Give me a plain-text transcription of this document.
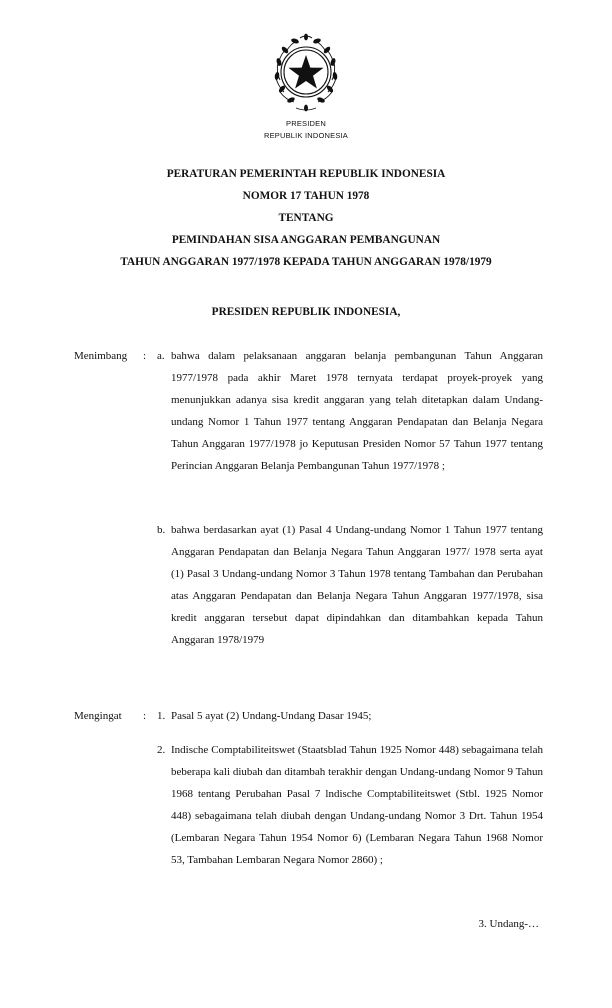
PRESIDEN
REPUBLIK INDONESIA
PERATURAN PEMERINTAH REPUBLIK INDONESIA
NOMOR 17 TAHUN 1978
TENTANG
PEMINDAHAN SISA ANGGARAN PEMBANGUNAN
TAHUN ANGGARAN 1977/1978 KEPADA TAHUN ANGGARAN 1978/1979
PRESIDEN REPUBLIK INDONESIA,
Menimbang : a. bahwa dalam pelaksanaan anggaran belanja pembangunan Tahun Anggaran 1977/1978 pada akhir Maret 1978 ternyata terdapat proyek-proyek yang menunjukkan adanya sisa kredit anggaran yang telah ditetapkan dalam Undang-undang Nomor 1 Tahun 1977 tentang Anggaran Pendapatan dan Belanja Negara Tahun Anggaran 1977/1978 jo Keputusan Presiden Nomor 57 Tahun 1977 tentang Perincian Anggaran Belanja Pembangunan Tahun 1977/1978 ;
b. bahwa berdasarkan ayat (1) Pasal 4 Undang-undang Nomor 1 Tahun 1977 tentang Anggaran Pendapatan dan Belanja Negara Tahun Anggaran 1977/ 1978 serta ayat (1) Pasal 3 Undang-undang Nomor 3 Tahun 1978 tentang Tambahan dan Perubahan atas Anggaran Pendapatan dan Belanja Negara Tahun Anggaran 1977/1978, sisa kredit anggaran tersebut dapat dipindahkan dan ditambahkan kepada Tahun Anggaran 1978/1979
Mengingat : 1. Pasal 5 ayat (2) Undang-Undang Dasar 1945;
2. Indische Comptabiliteitswet (Staatsblad Tahun 1925 Nomor 448) sebagaimana telah beberapa kali diubah dan ditambah terakhir dengan Undang-undang Nomor 9 Tahun 1968 tentang Perubahan Pasal 7 lndische Comptabiliteitswet (Stbl. 1925 Nomor 448) sebagaimana telah diubah dengan Undang-undang Nomor 3 Drt. Tahun 1954 (Lembaran Negara Tahun 1954 Nomor 6) (Lembaran Negara Tahun 1968 Nomor 53, Tambahan Lembaran Negara Nomor 2860) ;
3. Undang-…
